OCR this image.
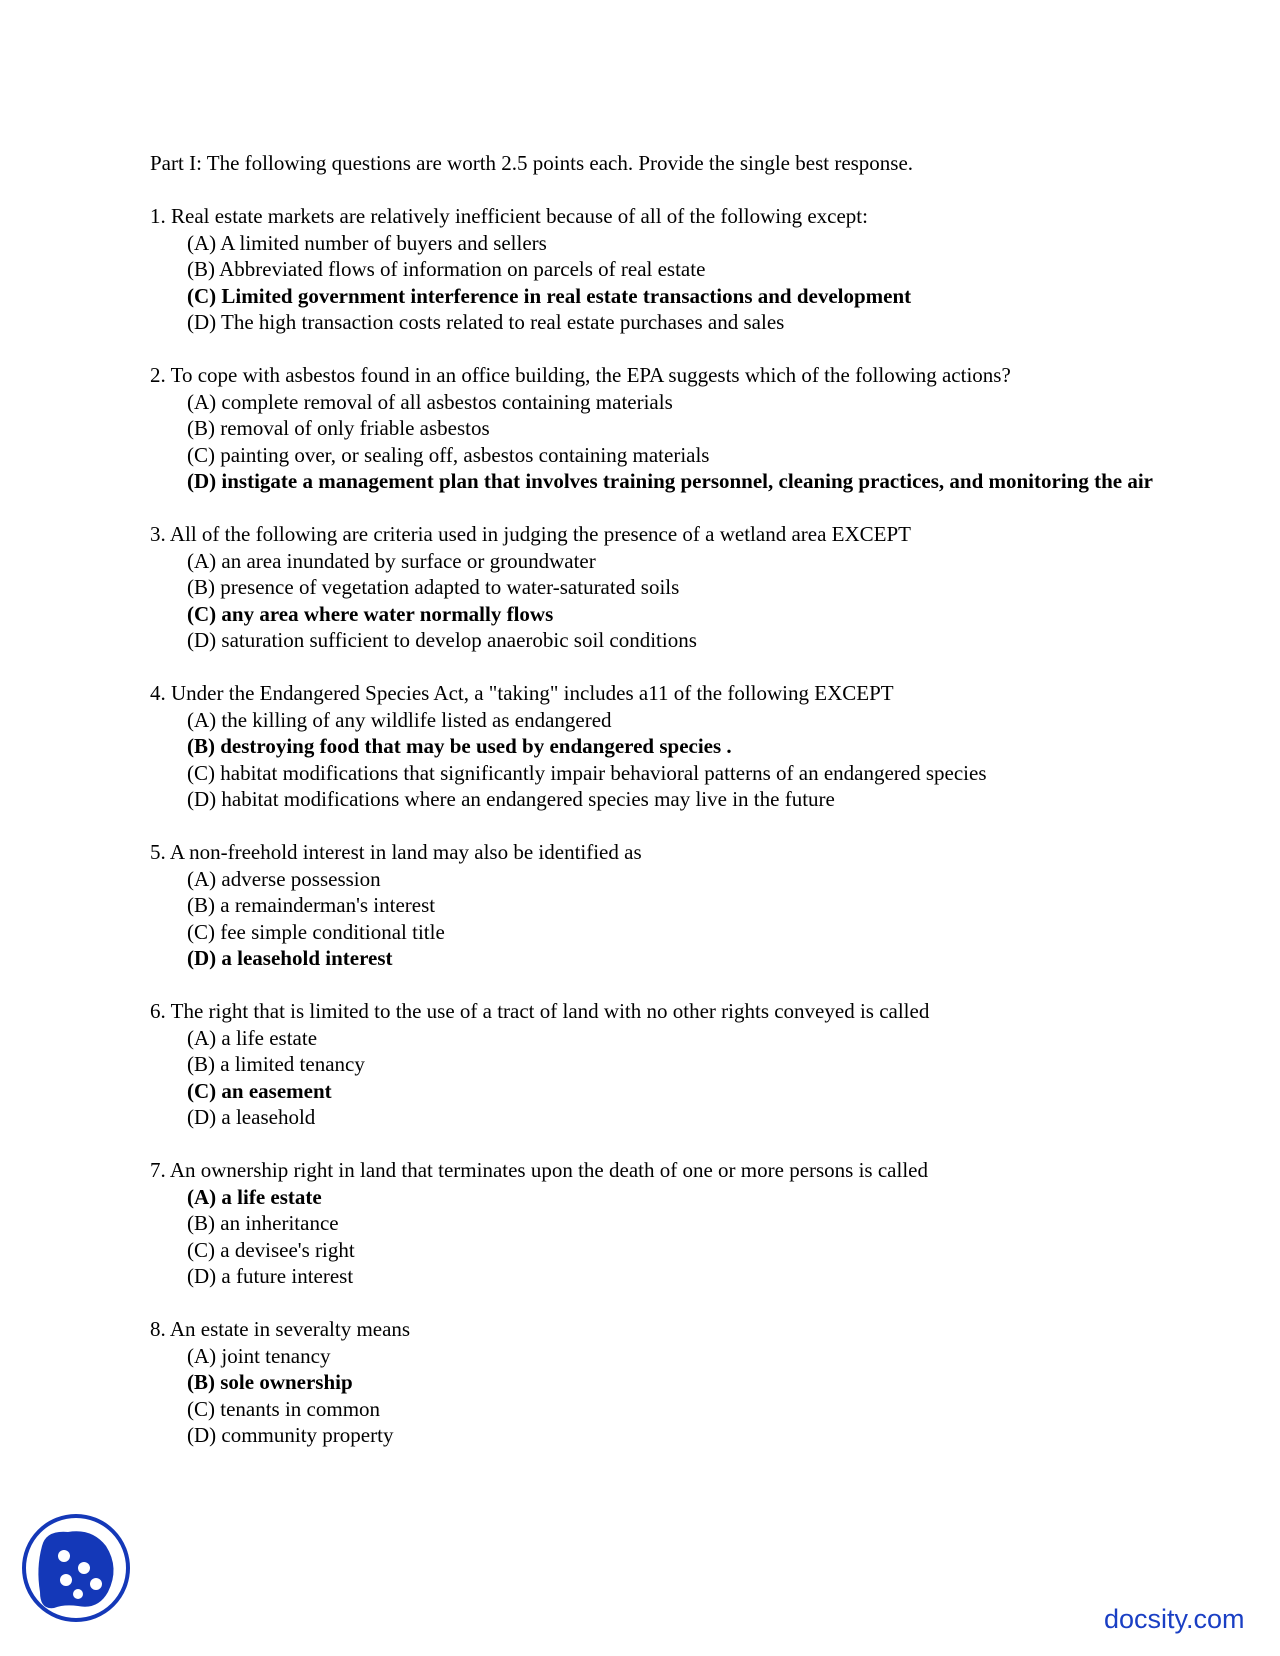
Part I: The following questions are worth 2.5 points each. Provide the single best response.

1. Real estate markets are relatively inefficient because of all of the following except:

(A) A limited number of buyers and sellers
(B) Abbreviated flows of information on parcels of real estate
(C) Limited government interference in real estate transactions and development
(D) The high transaction costs related to real estate purchases and sales

2. To cope with asbestos found in an office building, the EPA suggests which of the following actions?

(A) complete removal of all asbestos containing materials
(B) removal of only friable asbestos
(C) painting over, or sealing off, asbestos containing materials
(D) instigate a management plan that involves training personnel, cleaning practices, and monitoring the air

3. All of the following are criteria used in judging the presence of a wetland area EXCEPT

(A) an area inundated by surface or groundwater
(B) presence of vegetation adapted to water-saturated soils
(C) any area where water normally flows
(D) saturation sufficient to develop anaerobic soil conditions

4. Under the Endangered Species Act, a "taking" includes a11 of the following EXCEPT

(A) the killing of any wildlife listed as endangered
(B) destroying food that may be used by endangered species .
(C) habitat modifications that significantly impair behavioral patterns of an endangered species
(D) habitat modifications where an endangered species may live in the future

5. A non-freehold interest in land may also be identified as

(A) adverse possession
(B) a remainderman's interest
(C) fee simple conditional title
(D) a leasehold interest

6. The right that is limited to the use of a tract of land with no other rights conveyed is called

(A) a life estate
(B) a limited tenancy
(C) an easement
(D) a leasehold

7. An ownership right in land that terminates upon the death of one or more persons is called

(A) a life estate
(B) an inheritance
(C) a devisee's right
(D) a future interest

8. An estate in severalty means

(A) joint tenancy
(B) sole ownership
(C) tenants in common
(D) community property
docsity.com
